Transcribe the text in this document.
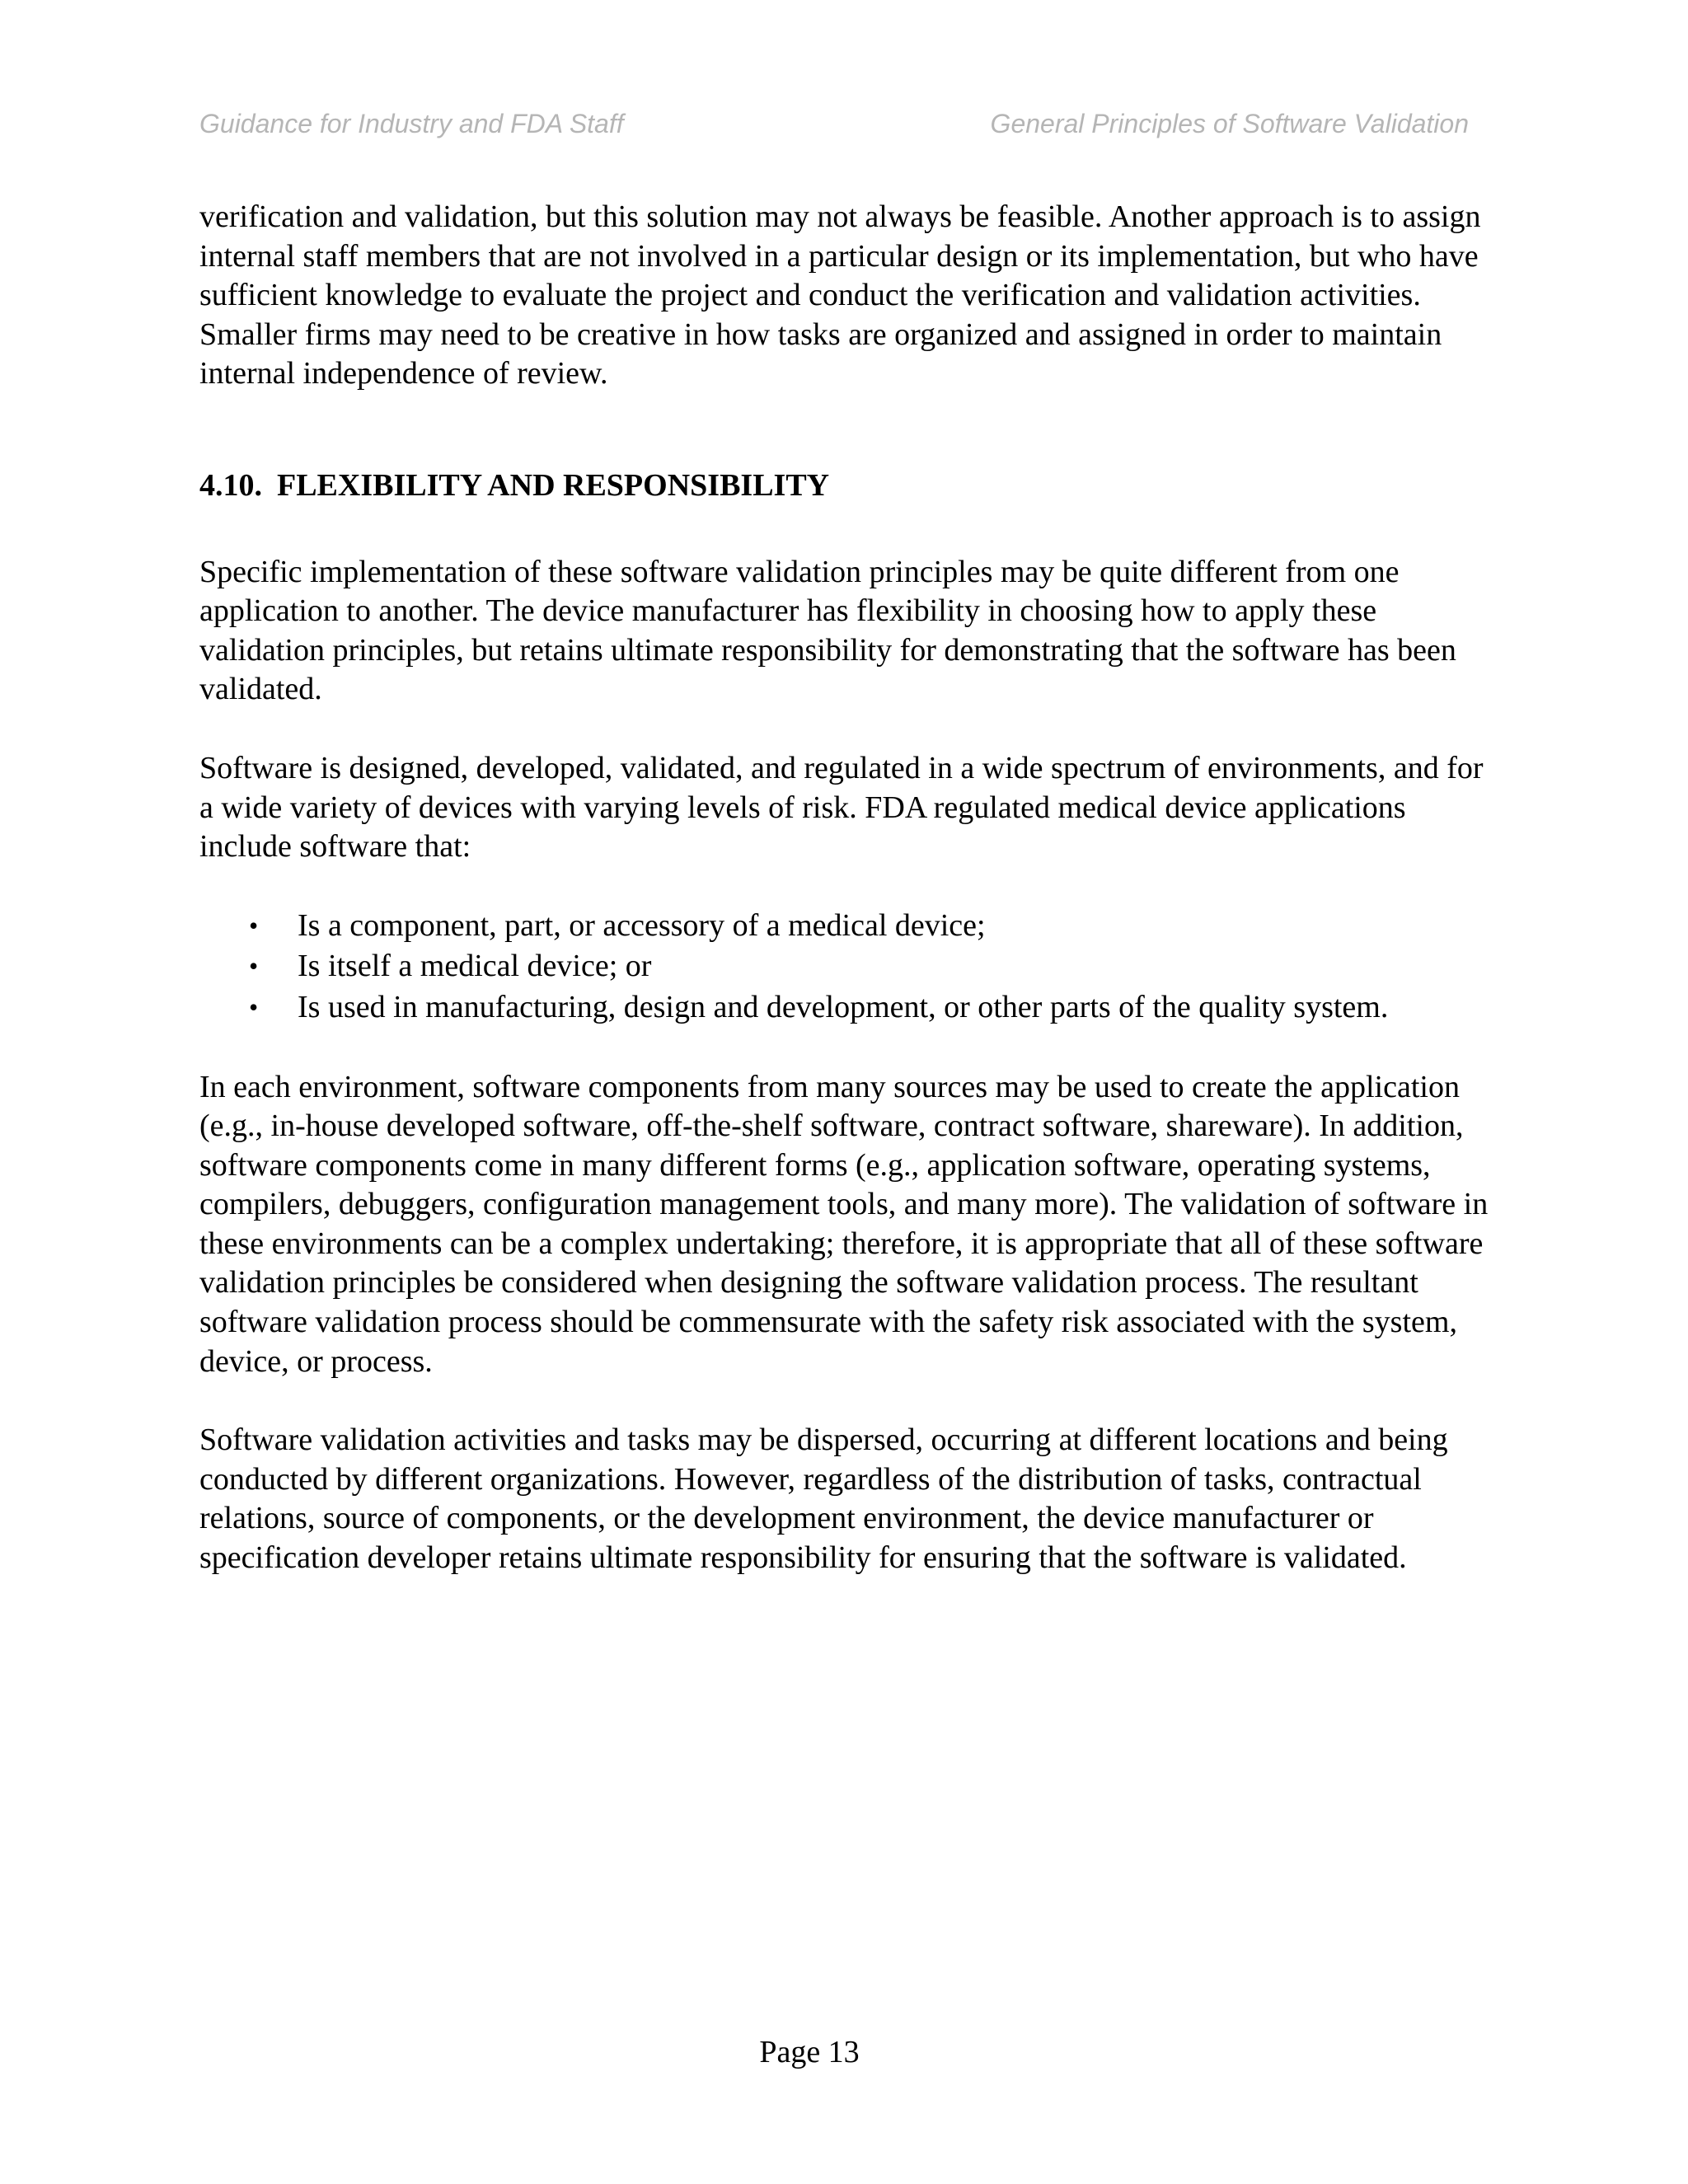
Guidance for Industry and FDA Staff	General Principles of Software Validation

verification and validation, but this solution may not always be feasible. Another approach is to assign internal staff members that are not involved in a particular design or its implementation, but who have sufficient knowledge to evaluate the project and conduct the verification and validation activities. Smaller firms may need to be creative in how tasks are organized and assigned in order to maintain internal independence of review.

4.10. FLEXIBILITY AND RESPONSIBILITY

Specific implementation of these software validation principles may be quite different from one application to another. The device manufacturer has flexibility in choosing how to apply these validation principles, but retains ultimate responsibility for demonstrating that the software has been validated.

Software is designed, developed, validated, and regulated in a wide spectrum of environments, and for a wide variety of devices with varying levels of risk. FDA regulated medical device applications include software that:

• Is a component, part, or accessory of a medical device;
• Is itself a medical device; or
• Is used in manufacturing, design and development, or other parts of the quality system.

In each environment, software components from many sources may be used to create the application (e.g., in-house developed software, off-the-shelf software, contract software, shareware). In addition, software components come in many different forms (e.g., application software, operating systems, compilers, debuggers, configuration management tools, and many more). The validation of software in these environments can be a complex undertaking; therefore, it is appropriate that all of these software validation principles be considered when designing the software validation process. The resultant software validation process should be commensurate with the safety risk associated with the system, device, or process.

Software validation activities and tasks may be dispersed, occurring at different locations and being conducted by different organizations. However, regardless of the distribution of tasks, contractual relations, source of components, or the development environment, the device manufacturer or specification developer retains ultimate responsibility for ensuring that the software is validated.

Page 13
